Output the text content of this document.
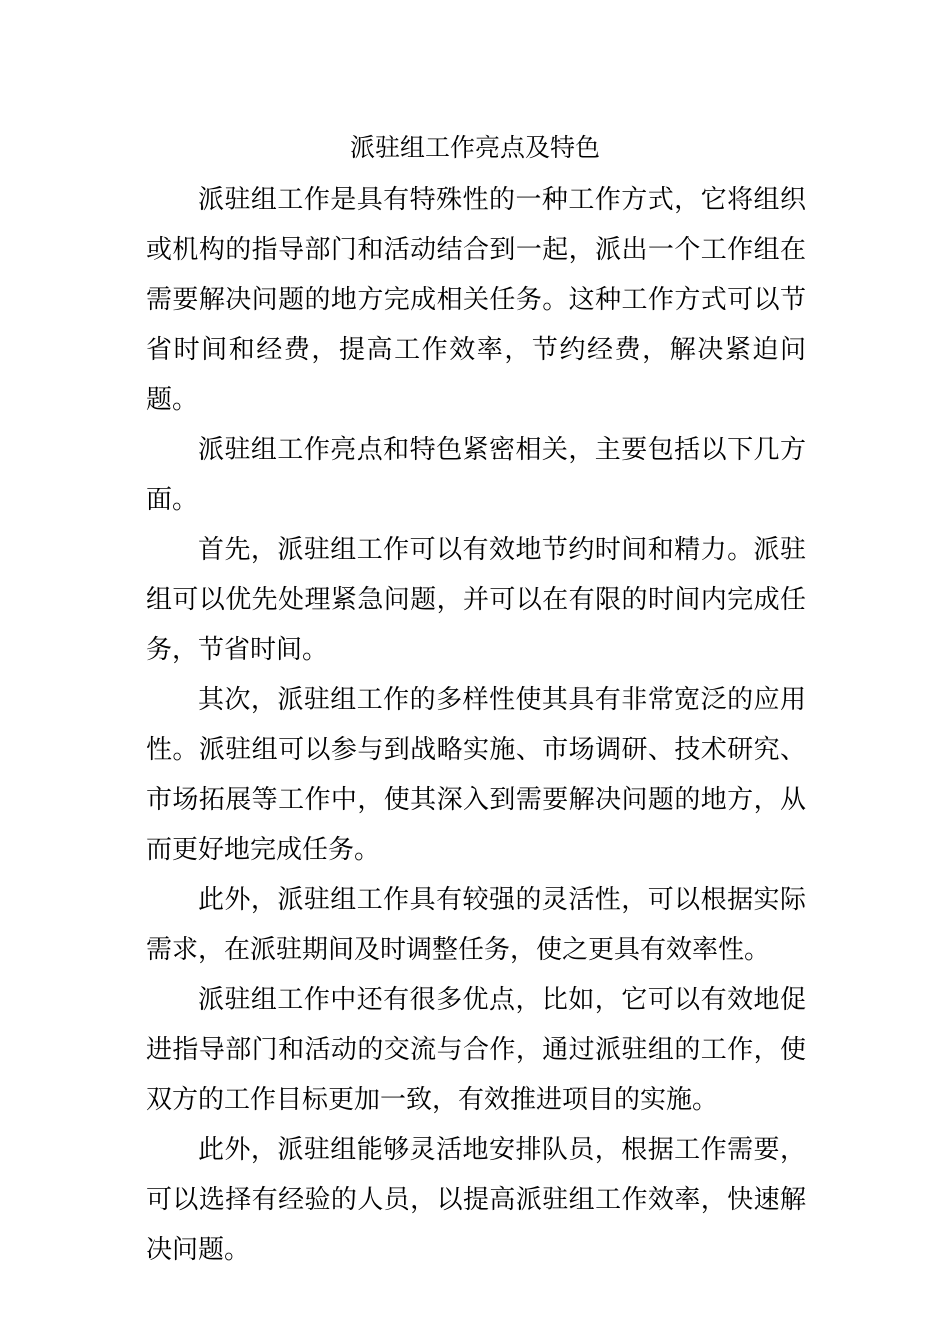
派驻组工作亮点及特色

派驻组工作是具有特殊性的一种工作方式，它将组织或机构的指导部门和活动结合到一起，派出一个工作组在需要解决问题的地方完成相关任务。这种工作方式可以节省时间和经费，提高工作效率，节约经费，解决紧迫问题。

派驻组工作亮点和特色紧密相关，主要包括以下几方面。

首先，派驻组工作可以有效地节约时间和精力。派驻组可以优先处理紧急问题，并可以在有限的时间内完成任务，节省时间。

其次，派驻组工作的多样性使其具有非常宽泛的应用性。派驻组可以参与到战略实施、市场调研、技术研究、市场拓展等工作中，使其深入到需要解决问题的地方，从而更好地完成任务。

此外，派驻组工作具有较强的灵活性，可以根据实际需求，在派驻期间及时调整任务，使之更具有效率性。

派驻组工作中还有很多优点，比如，它可以有效地促进指导部门和活动的交流与合作，通过派驻组的工作，使双方的工作目标更加一致，有效推进项目的实施。

此外，派驻组能够灵活地安排队员，根据工作需要，可以选择有经验的人员，以提高派驻组工作效率，快速解决问题。
